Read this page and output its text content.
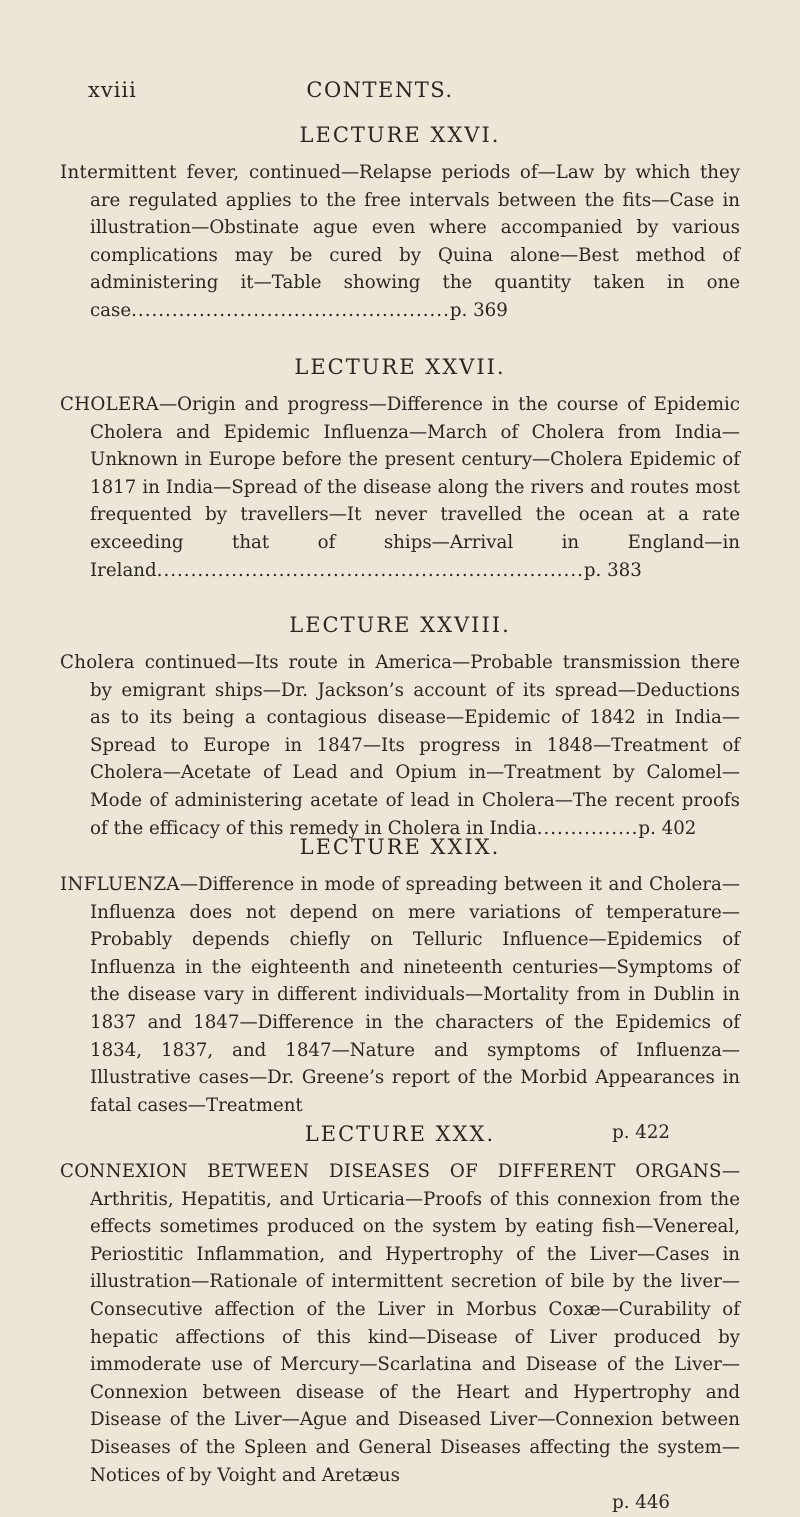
xviii	CONTENTS.
LECTURE XXVI.

Intermittent fever, continued—Relapse periods of—Law by which they are regulated applies to the free intervals between the fits—Case in illustration—Obstinate ague even where accompanied by various complications may be cured by Quina alone—Best method of administering it—Table showing the quantity taken in one case...............................................p. 369

LECTURE XXVII.

CHOLERA—Origin and progress—Difference in the course of Epidemic Cholera and Epidemic Influenza—March of Cholera from India—Unknown in Europe before the present century—Cholera Epidemic of 1817 in India—Spread of the disease along the rivers and routes most frequented by travellers—It never travelled the ocean at a rate exceeding that of ships—Arrival in England—in Ireland...............................................................p. 383

LECTURE XXVIII.

Cholera continued—Its route in America—Probable transmission there by emigrant ships—Dr. Jackson’s account of its spread—Deductions as to its being a contagious disease—Epidemic of 1842 in India—Spread to Europe in 1847—Its progress in 1848—Treatment of Cholera—Acetate of Lead and Opium in—Treatment by Calomel—Mode of administering acetate of lead in Cholera—The recent proofs of the efficacy of this remedy in Cholera in India...............p. 402

LECTURE XXIX.

INFLUENZA—Difference in mode of spreading between it and Cholera—Influenza does not depend on mere variations of temperature—Probably depends chiefly on Telluric Influence—Epidemics of Influenza in the eighteenth and nineteenth centuries—Symptoms of the disease vary in different individuals—Mortality from in Dublin in 1837 and 1847—Difference in the characters of the Epidemics of 1834, 1837, and 1847—Nature and symptoms of Influenza—Illustrative cases—Dr. Greene’s report of the Morbid Appearances in fatal cases—Treatment

p. 422
LECTURE XXX.

CONNEXION BETWEEN DISEASES OF DIFFERENT ORGANS—Arthritis, Hepatitis, and Urticaria—Proofs of this connexion from the effects sometimes produced on the system by eating fish—Venereal, Periostitic Inflammation, and Hypertrophy of the Liver—Cases in illustration—Rationale of intermittent secretion of bile by the liver—Consecutive affection of the Liver in Morbus Coxæ—Curability of hepatic affections of this kind—Disease of Liver produced by immoderate use of Mercury—Scarlatina and Disease of the Liver—Connexion between disease of the Heart and Hypertrophy and Disease of the Liver—Ague and Diseased Liver—Connexion between Diseases of the Spleen and General Diseases affecting the system—Notices of by Voight and Aretæus

p. 446
